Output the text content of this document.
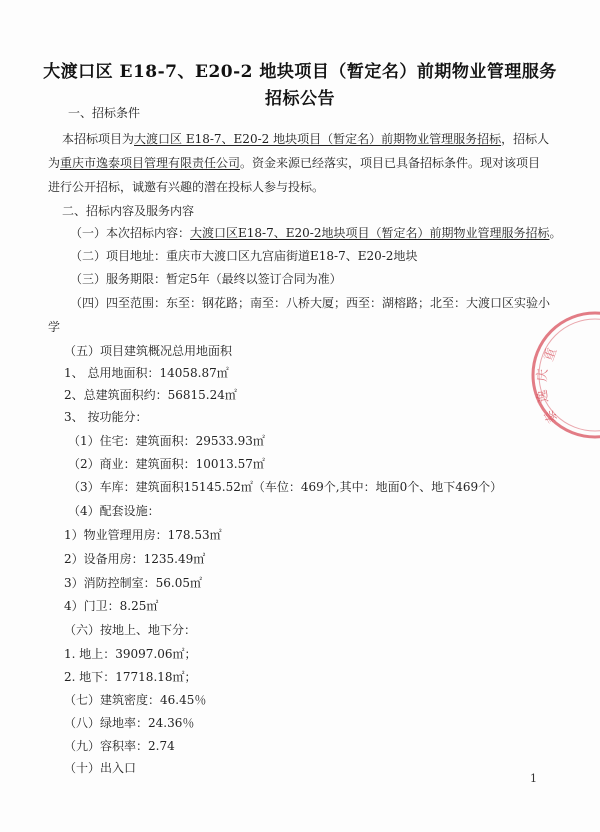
大渡口区 E18-7、E20-2 地块项目（暂定名）前期物业管理服务
招标公告
一、招标条件
本招标项目为大渡口区 E18-7、E20-2 地块项目（暂定名）前期物业管理服务招标，招标人
为重庆市逸泰项目管理有限责任公司。资金来源已经落实，项目已具备招标条件。现对该项目
进行公开招标，诚邀有兴趣的潜在投标人参与投标。
二、招标内容及服务内容
（一）本次招标内容：大渡口区E18-7、E20-2地块项目（暂定名）前期物业管理服务招标。
（二）项目地址：重庆市大渡口区九宫庙街道E18-7、E20-2地块
（三）服务期限：暂定5年（最终以签订合同为准）
（四）四至范围：东至：钢花路；南至：八桥大厦；西至：湖榕路；北至：大渡口区实验小
学
（五）项目建筑概况总用地面积
1、 总用地面积：14058.87㎡
2、总建筑面积约：56815.24㎡
3、 按功能分：
（1）住宅：建筑面积：29533.93㎡
（2）商业：建筑面积：10013.57㎡
（3）车库：建筑面积15145.52㎡（车位：469个,其中：地面0个、地下469个）
（4）配套设施：
1）物业管理用房：178.53㎡
2）设备用房：1235.49㎡
3）消防控制室：56.05㎡
4）门卫：8.25㎡
（六）按地上、地下分：
1. 地上：39097.06㎡；
2. 地下：17718.18㎡；
（七）建筑密度：46.45％
（八）绿地率：24.36％
（九）容积率：2.74
（十）出入口
1
重
庆
逸
泰
